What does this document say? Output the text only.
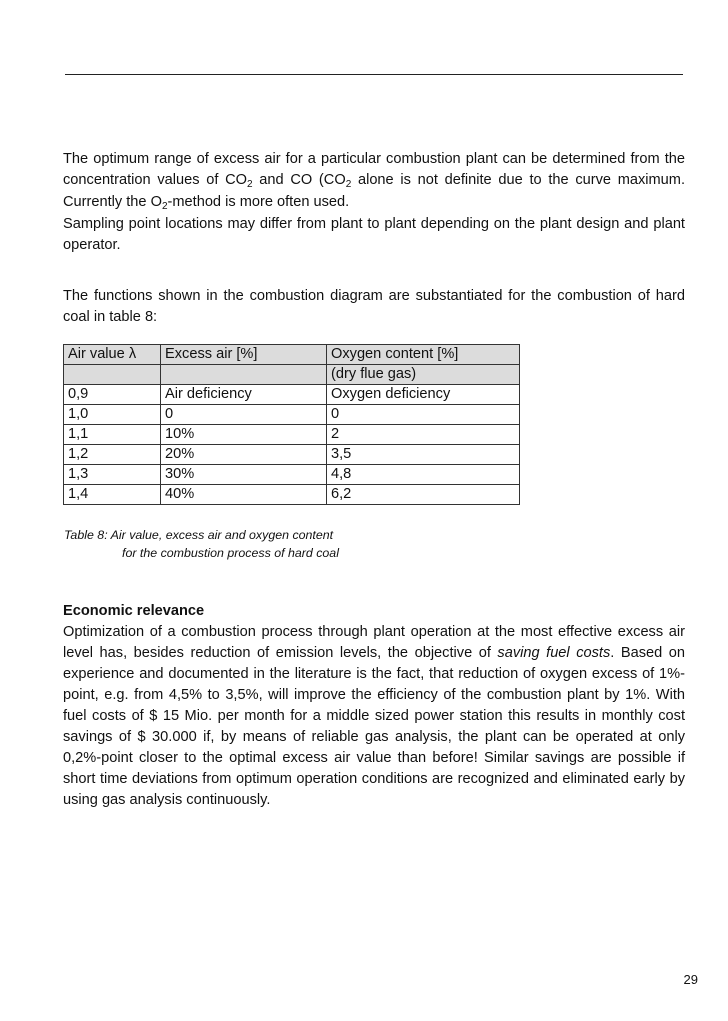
The optimum range of excess air for a particular combustion plant can be determined from the concentration values of $CO_2$ and CO ($CO_2$ alone is not definite due to the curve maximum. Currently the $O_2$-method is more often used.
Sampling point locations may differ from plant to plant depending on the plant design and plant operator.

The functions shown in the combustion diagram are substantiated for the combustion of hard coal in table 8:

Air value λ	Excess air [%]	Oxygen content [%]
		(dry flue gas)
0,9	Air deficiency	Oxygen deficiency
1,0	0	0
1,1	10%	2
1,2	20%	3,5
1,3	30%	4,8
1,4	40%	6,2
Table 8: Air value, excess air and oxygen content
for the combustion process of hard coal
Economic relevance

Optimization of a combustion process through plant operation at the most effective excess air level has, besides reduction of emission levels, the objective of saving fuel costs. Based on experience and documented in the literature is the fact, that reduction of oxygen excess of 1%-point, e.g. from 4,5% to 3,5%, will improve the efficiency of the combustion plant by 1%. With fuel costs of $ 15 Mio. per month for a middle sized power station this results in monthly cost savings of $ 30.000 if, by means of reliable gas analysis, the plant can be operated at only 0,2%-point closer to the optimal excess air value than before! Similar savings are possible if short time deviations from optimum operation conditions are recognized and eliminated early by using gas analysis continuously.

29
